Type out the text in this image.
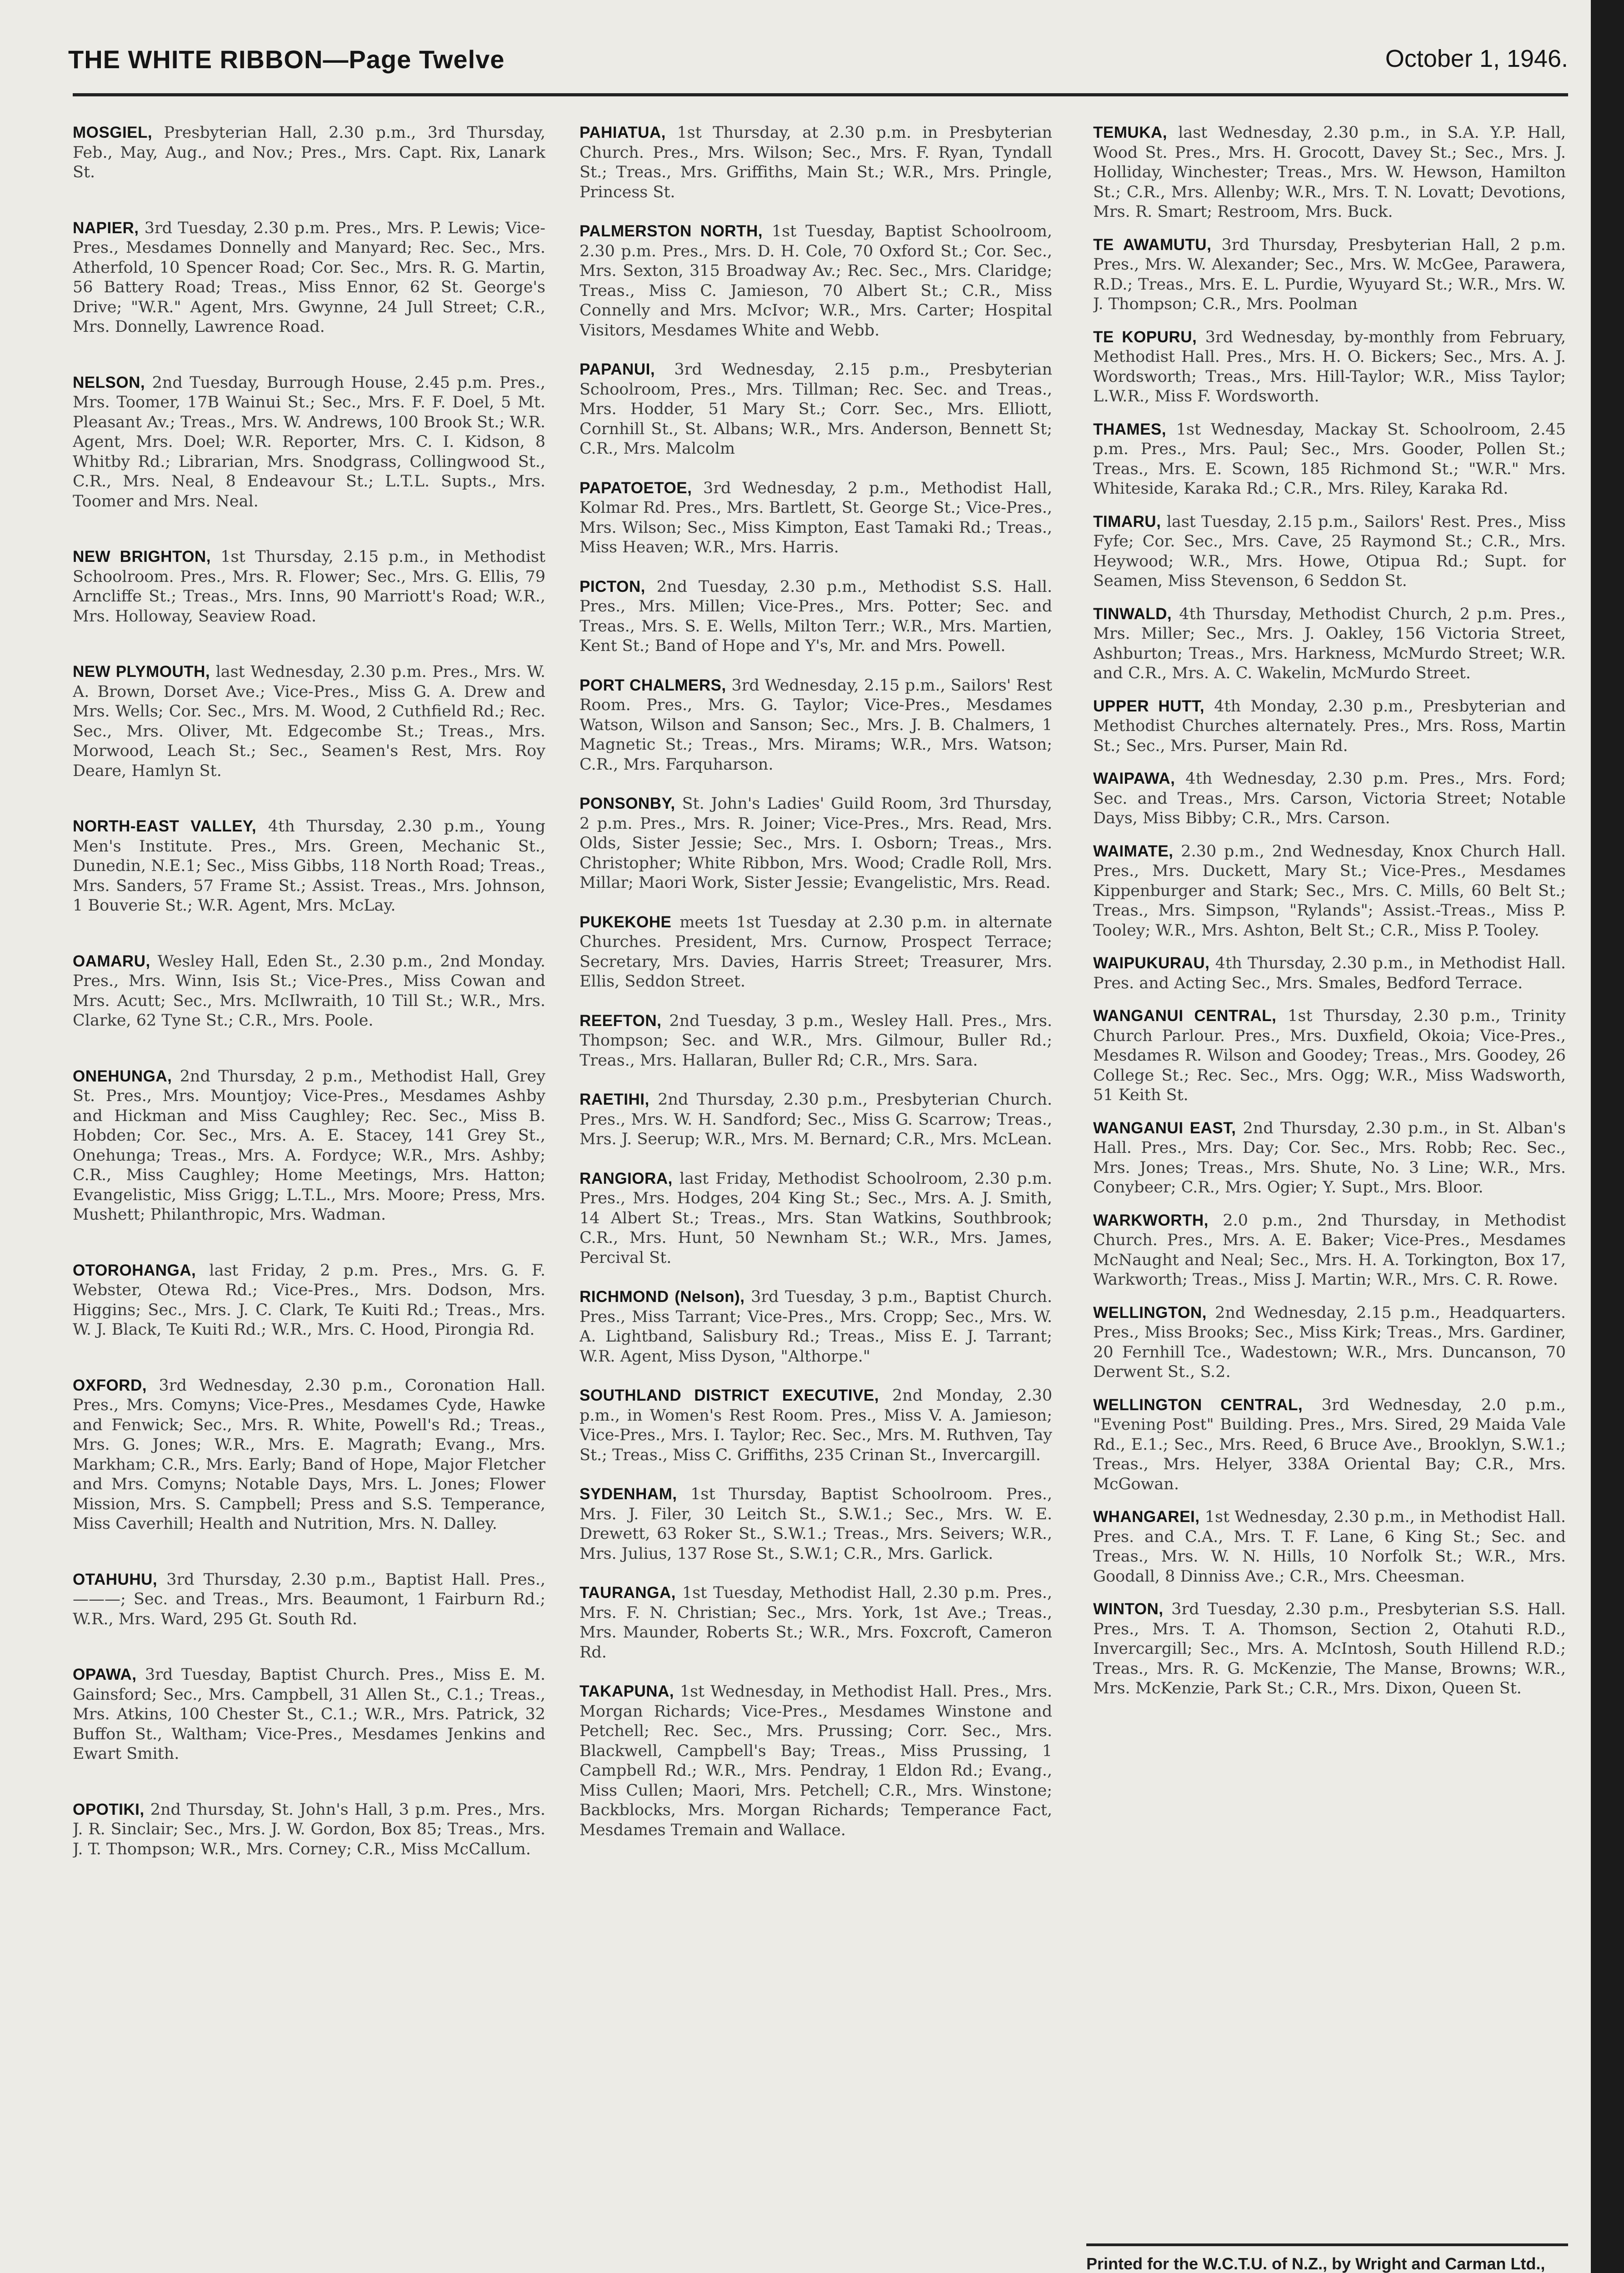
THE WHITE RIBBON—Page Twelve	October 1, 1946.

MOSGIEL, Presbyterian Hall, 2.30 p.m., 3rd Thursday, Feb., May, Aug., and Nov.; Pres., Mrs. Capt. Rix, Lanark St.

NAPIER, 3rd Tuesday, 2.30 p.m. Pres., Mrs. P. Lewis; Vice-Pres., Mesdames Donnelly and Manyard; Rec. Sec., Mrs. Atherfold, 10 Spencer Road; Cor. Sec., Mrs. R. G. Martin, 56 Battery Road; Treas., Miss Ennor, 62 St. George's Drive; "W.R." Agent, Mrs. Gwynne, 24 Jull Street; C.R., Mrs. Donnelly, Lawrence Road.

NELSON, 2nd Tuesday, Burrough House, 2.45 p.m. Pres., Mrs. Toomer, 17B Wainui St.; Sec., Mrs. F. F. Doel, 5 Mt. Pleasant Av.; Treas., Mrs. W. Andrews, 100 Brook St.; W.R. Agent, Mrs. Doel; W.R. Reporter, Mrs. C. I. Kidson, 8 Whitby Rd.; Librarian, Mrs. Snodgrass, Collingwood St., C.R., Mrs. Neal, 8 Endeavour St.; L.T.L. Supts., Mrs. Toomer and Mrs. Neal.

NEW BRIGHTON, 1st Thursday, 2.15 p.m., in Methodist Schoolroom. Pres., Mrs. R. Flower; Sec., Mrs. G. Ellis, 79 Arncliffe St.; Treas., Mrs. Inns, 90 Marriott's Road; W.R., Mrs. Holloway, Seaview Road.

NEW PLYMOUTH, last Wednesday, 2.30 p.m. Pres., Mrs. W. A. Brown, Dorset Ave.; Vice-Pres., Miss G. A. Drew and Mrs. Wells; Cor. Sec., Mrs. M. Wood, 2 Cuthfield Rd.; Rec. Sec., Mrs. Oliver, Mt. Edgecombe St.; Treas., Mrs. Morwood, Leach St.; Sec., Seamen's Rest, Mrs. Roy Deare, Hamlyn St.

NORTH-EAST VALLEY, 4th Thursday, 2.30 p.m., Young Men's Institute. Pres., Mrs. Green, Mechanic St., Dunedin, N.E.1; Sec., Miss Gibbs, 118 North Road; Treas., Mrs. Sanders, 57 Frame St.; Assist. Treas., Mrs. Johnson, 1 Bouverie St.; W.R. Agent, Mrs. McLay.

OAMARU, Wesley Hall, Eden St., 2.30 p.m., 2nd Monday. Pres., Mrs. Winn, Isis St.; Vice-Pres., Miss Cowan and Mrs. Acutt; Sec., Mrs. McIlwraith, 10 Till St.; W.R., Mrs. Clarke, 62 Tyne St.; C.R., Mrs. Poole.

ONEHUNGA, 2nd Thursday, 2 p.m., Methodist Hall, Grey St. Pres., Mrs. Mountjoy; Vice-Pres., Mesdames Ashby and Hickman and Miss Caughley; Rec. Sec., Miss B. Hobden; Cor. Sec., Mrs. A. E. Stacey, 141 Grey St., Onehunga; Treas., Mrs. A. Fordyce; W.R., Mrs. Ashby; C.R., Miss Caughley; Home Meetings, Mrs. Hatton; Evangelistic, Miss Grigg; L.T.L., Mrs. Moore; Press, Mrs. Mushett; Philanthropic, Mrs. Wadman.

OTOROHANGA, last Friday, 2 p.m. Pres., Mrs. G. F. Webster, Otewa Rd.; Vice-Pres., Mrs. Dodson, Mrs. Higgins; Sec., Mrs. J. C. Clark, Te Kuiti Rd.; Treas., Mrs. W. J. Black, Te Kuiti Rd.; W.R., Mrs. C. Hood, Pirongia Rd.

OXFORD, 3rd Wednesday, 2.30 p.m., Coronation Hall. Pres., Mrs. Comyns; Vice-Pres., Mesdames Cyde, Hawke and Fenwick; Sec., Mrs. R. White, Powell's Rd.; Treas., Mrs. G. Jones; W.R., Mrs. E. Magrath; Evang., Mrs. Markham; C.R., Mrs. Early; Band of Hope, Major Fletcher and Mrs. Comyns; Notable Days, Mrs. L. Jones; Flower Mission, Mrs. S. Campbell; Press and S.S. Temperance, Miss Caverhill; Health and Nutrition, Mrs. N. Dalley.

OTAHUHU, 3rd Thursday, 2.30 p.m., Baptist Hall. Pres., ———; Sec. and Treas., Mrs. Beaumont, 1 Fairburn Rd.; W.R., Mrs. Ward, 295 Gt. South Rd.

OPAWA, 3rd Tuesday, Baptist Church. Pres., Miss E. M. Gainsford; Sec., Mrs. Campbell, 31 Allen St., C.1.; Treas., Mrs. Atkins, 100 Chester St., C.1.; W.R., Mrs. Patrick, 32 Buffon St., Waltham; Vice-Pres., Mesdames Jenkins and Ewart Smith.

OPOTIKI, 2nd Thursday, St. John's Hall, 3 p.m. Pres., Mrs. J. R. Sinclair; Sec., Mrs. J. W. Gordon, Box 85; Treas., Mrs. J. T. Thompson; W.R., Mrs. Corney; C.R., Miss McCallum.

PAHIATUA, 1st Thursday, at 2.30 p.m. in Presbyterian Church. Pres., Mrs. Wilson; Sec., Mrs. F. Ryan, Tyndall St.; Treas., Mrs. Griffiths, Main St.; W.R., Mrs. Pringle, Princess St.

PALMERSTON NORTH, 1st Tuesday, Baptist Schoolroom, 2.30 p.m. Pres., Mrs. D. H. Cole, 70 Oxford St.; Cor. Sec., Mrs. Sexton, 315 Broadway Av.; Rec. Sec., Mrs. Claridge; Treas., Miss C. Jamieson, 70 Albert St.; C.R., Miss Connelly and Mrs. McIvor; W.R., Mrs. Carter; Hospital Visitors, Mesdames White and Webb.

PAPANUI, 3rd Wednesday, 2.15 p.m., Presbyterian Schoolroom, Pres., Mrs. Tillman; Rec. Sec. and Treas., Mrs. Hodder, 51 Mary St.; Corr. Sec., Mrs. Elliott, Cornhill St., St. Albans; W.R., Mrs. Anderson, Bennett St; C.R., Mrs. Malcolm

PAPATOETOE, 3rd Wednesday, 2 p.m., Methodist Hall, Kolmar Rd. Pres., Mrs. Bartlett, St. George St.; Vice-Pres., Mrs. Wilson; Sec., Miss Kimpton, East Tamaki Rd.; Treas., Miss Heaven; W.R., Mrs. Harris.

PICTON, 2nd Tuesday, 2.30 p.m., Methodist S.S. Hall. Pres., Mrs. Millen; Vice-Pres., Mrs. Potter; Sec. and Treas., Mrs. S. E. Wells, Milton Terr.; W.R., Mrs. Martien, Kent St.; Band of Hope and Y's, Mr. and Mrs. Powell.

PORT CHALMERS, 3rd Wednesday, 2.15 p.m., Sailors' Rest Room. Pres., Mrs. G. Taylor; Vice-Pres., Mesdames Watson, Wilson and Sanson; Sec., Mrs. J. B. Chalmers, 1 Magnetic St.; Treas., Mrs. Mirams; W.R., Mrs. Watson; C.R., Mrs. Farquharson.

PONSONBY, St. John's Ladies' Guild Room, 3rd Thursday, 2 p.m. Pres., Mrs. R. Joiner; Vice-Pres., Mrs. Read, Mrs. Olds, Sister Jessie; Sec., Mrs. I. Osborn; Treas., Mrs. Christopher; White Ribbon, Mrs. Wood; Cradle Roll, Mrs. Millar; Maori Work, Sister Jessie; Evangelistic, Mrs. Read.

PUKEKOHE meets 1st Tuesday at 2.30 p.m. in alternate Churches. President, Mrs. Curnow, Prospect Terrace; Secretary, Mrs. Davies, Harris Street; Treasurer, Mrs. Ellis, Seddon Street.

REEFTON, 2nd Tuesday, 3 p.m., Wesley Hall. Pres., Mrs. Thompson; Sec. and W.R., Mrs. Gilmour, Buller Rd.; Treas., Mrs. Hallaran, Buller Rd; C.R., Mrs. Sara.

RAETIHI, 2nd Thursday, 2.30 p.m., Presbyterian Church. Pres., Mrs. W. H. Sandford; Sec., Miss G. Scarrow; Treas., Mrs. J. Seerup; W.R., Mrs. M. Bernard; C.R., Mrs. McLean.

RANGIORA, last Friday, Methodist Schoolroom, 2.30 p.m. Pres., Mrs. Hodges, 204 King St.; Sec., Mrs. A. J. Smith, 14 Albert St.; Treas., Mrs. Stan Watkins, Southbrook; C.R., Mrs. Hunt, 50 Newnham St.; W.R., Mrs. James, Percival St.

RICHMOND (Nelson), 3rd Tuesday, 3 p.m., Baptist Church. Pres., Miss Tarrant; Vice-Pres., Mrs. Cropp; Sec., Mrs. W. A. Lightband, Salisbury Rd.; Treas., Miss E. J. Tarrant; W.R. Agent, Miss Dyson, "Althorpe."

SOUTHLAND DISTRICT EXECUTIVE, 2nd Monday, 2.30 p.m., in Women's Rest Room. Pres., Miss V. A. Jamieson; Vice-Pres., Mrs. I. Taylor; Rec. Sec., Mrs. M. Ruthven, Tay St.; Treas., Miss C. Griffiths, 235 Crinan St., Invercargill.

SYDENHAM, 1st Thursday, Baptist Schoolroom. Pres., Mrs. J. Filer, 30 Leitch St., S.W.1.; Sec., Mrs. W. E. Drewett, 63 Roker St., S.W.1.; Treas., Mrs. Seivers; W.R., Mrs. Julius, 137 Rose St., S.W.1; C.R., Mrs. Garlick.

TAURANGA, 1st Tuesday, Methodist Hall, 2.30 p.m. Pres., Mrs. F. N. Christian; Sec., Mrs. York, 1st Ave.; Treas., Mrs. Maunder, Roberts St.; W.R., Mrs. Foxcroft, Cameron Rd.

TAKAPUNA, 1st Wednesday, in Methodist Hall. Pres., Mrs. Morgan Richards; Vice-Pres., Mesdames Winstone and Petchell; Rec. Sec., Mrs. Prussing; Corr. Sec., Mrs. Blackwell, Campbell's Bay; Treas., Miss Prussing, 1 Campbell Rd.; W.R., Mrs. Pendray, 1 Eldon Rd.; Evang., Miss Cullen; Maori, Mrs. Petchell; C.R., Mrs. Winstone; Backblocks, Mrs. Morgan Richards; Temperance Fact, Mesdames Tremain and Wallace.

TEMUKA, last Wednesday, 2.30 p.m., in S.A. Y.P. Hall, Wood St. Pres., Mrs. H. Grocott, Davey St.; Sec., Mrs. J. Holliday, Winchester; Treas., Mrs. W. Hewson, Hamilton St.; C.R., Mrs. Allenby; W.R., Mrs. T. N. Lovatt; Devotions, Mrs. R. Smart; Restroom, Mrs. Buck.

TE AWAMUTU, 3rd Thursday, Presbyterian Hall, 2 p.m. Pres., Mrs. W. Alexander; Sec., Mrs. W. McGee, Parawera, R.D.; Treas., Mrs. E. L. Purdie, Wyuyard St.; W.R., Mrs. W. J. Thompson; C.R., Mrs. Poolman

TE KOPURU, 3rd Wednesday, by-monthly from February, Methodist Hall. Pres., Mrs. H. O. Bickers; Sec., Mrs. A. J. Wordsworth; Treas., Mrs. Hill-Taylor; W.R., Miss Taylor; L.W.R., Miss F. Wordsworth.

THAMES, 1st Wednesday, Mackay St. Schoolroom, 2.45 p.m. Pres., Mrs. Paul; Sec., Mrs. Gooder, Pollen St.; Treas., Mrs. E. Scown, 185 Richmond St.; "W.R." Mrs. Whiteside, Karaka Rd.; C.R., Mrs. Riley, Karaka Rd.

TIMARU, last Tuesday, 2.15 p.m., Sailors' Rest. Pres., Miss Fyfe; Cor. Sec., Mrs. Cave, 25 Raymond St.; C.R., Mrs. Heywood; W.R., Mrs. Howe, Otipua Rd.; Supt. for Seamen, Miss Stevenson, 6 Seddon St.

TINWALD, 4th Thursday, Methodist Church, 2 p.m. Pres., Mrs. Miller; Sec., Mrs. J. Oakley, 156 Victoria Street, Ashburton; Treas., Mrs. Harkness, McMurdo Street; W.R. and C.R., Mrs. A. C. Wakelin, McMurdo Street.

UPPER HUTT, 4th Monday, 2.30 p.m., Presbyterian and Methodist Churches alternately. Pres., Mrs. Ross, Martin St.; Sec., Mrs. Purser, Main Rd.

WAIPAWA, 4th Wednesday, 2.30 p.m. Pres., Mrs. Ford; Sec. and Treas., Mrs. Carson, Victoria Street; Notable Days, Miss Bibby; C.R., Mrs. Carson.

WAIMATE, 2.30 p.m., 2nd Wednesday, Knox Church Hall. Pres., Mrs. Duckett, Mary St.; Vice-Pres., Mesdames Kippenburger and Stark; Sec., Mrs. C. Mills, 60 Belt St.; Treas., Mrs. Simpson, "Rylands"; Assist.-Treas., Miss P. Tooley; W.R., Mrs. Ashton, Belt St.; C.R., Miss P. Tooley.

WAIPUKURAU, 4th Thursday, 2.30 p.m., in Methodist Hall. Pres. and Acting Sec., Mrs. Smales, Bedford Terrace.

WANGANUI CENTRAL, 1st Thursday, 2.30 p.m., Trinity Church Parlour. Pres., Mrs. Duxfield, Okoia; Vice-Pres., Mesdames R. Wilson and Goodey; Treas., Mrs. Goodey, 26 College St.; Rec. Sec., Mrs. Ogg; W.R., Miss Wadsworth, 51 Keith St.

WANGANUI EAST, 2nd Thursday, 2.30 p.m., in St. Alban's Hall. Pres., Mrs. Day; Cor. Sec., Mrs. Robb; Rec. Sec., Mrs. Jones; Treas., Mrs. Shute, No. 3 Line; W.R., Mrs. Conybeer; C.R., Mrs. Ogier; Y. Supt., Mrs. Bloor.

WARKWORTH, 2.0 p.m., 2nd Thursday, in Methodist Church. Pres., Mrs. A. E. Baker; Vice-Pres., Mesdames McNaught and Neal; Sec., Mrs. H. A. Torkington, Box 17, Warkworth; Treas., Miss J. Martin; W.R., Mrs. C. R. Rowe.

WELLINGTON, 2nd Wednesday, 2.15 p.m., Headquarters. Pres., Miss Brooks; Sec., Miss Kirk; Treas., Mrs. Gardiner, 20 Fernhill Tce., Wadestown; W.R., Mrs. Duncanson, 70 Derwent St., S.2.

WELLINGTON CENTRAL, 3rd Wednesday, 2.0 p.m., "Evening Post" Building. Pres., Mrs. Sired, 29 Maida Vale Rd., E.1.; Sec., Mrs. Reed, 6 Bruce Ave., Brooklyn, S.W.1.; Treas., Mrs. Helyer, 338A Oriental Bay; C.R., Mrs. McGowan.

WHANGAREI, 1st Wednesday, 2.30 p.m., in Methodist Hall. Pres. and C.A., Mrs. T. F. Lane, 6 King St.; Sec. and Treas., Mrs. W. N. Hills, 10 Norfolk St.; W.R., Mrs. Goodall, 8 Dinniss Ave.; C.R., Mrs. Cheesman.

WINTON, 3rd Tuesday, 2.30 p.m., Presbyterian S.S. Hall. Pres., Mrs. T. A. Thomson, Section 2, Otahuti R.D., Invercargill; Sec., Mrs. A. McIntosh, South Hillend R.D.; Treas., Mrs. R. G. McKenzie, The Manse, Browns; W.R., Mrs. McKenzie, Park St.; C.R., Mrs. Dixon, Queen St.

Printed for the W.C.T.U. of N.Z., by Wright and Carman Ltd.,
